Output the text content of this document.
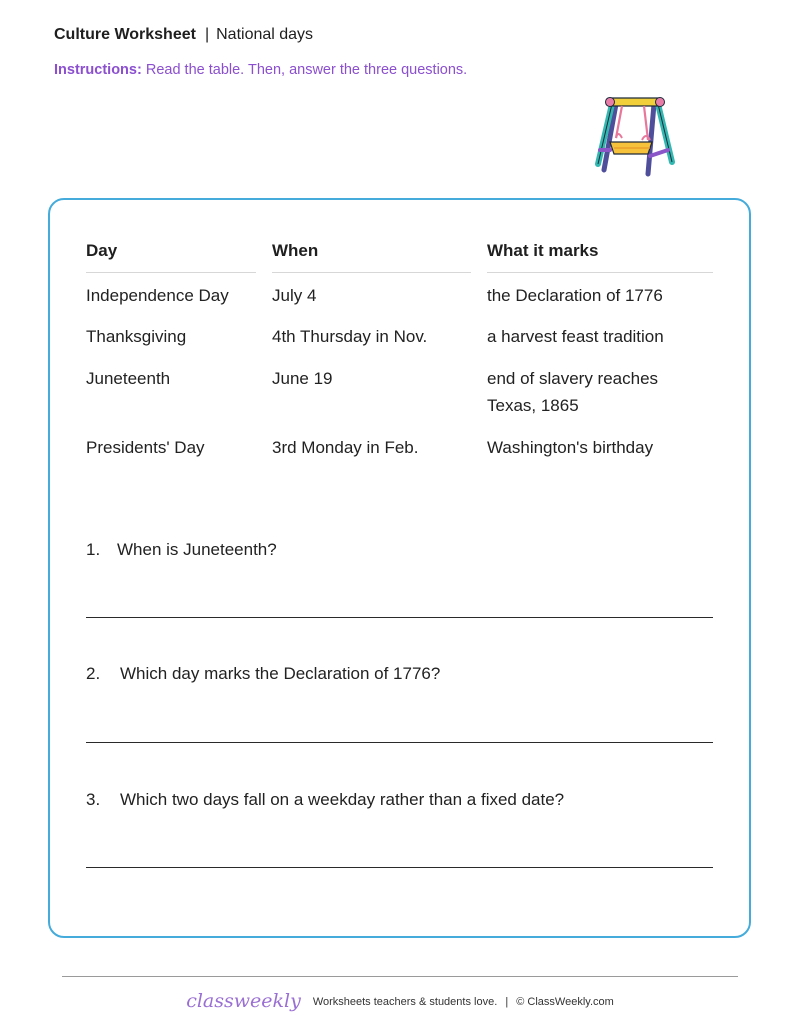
Culture Worksheet | National days
Instructions: Read the table. Then, answer the three questions.
Day	When	What it marks
Independence Day	July 4	the Declaration of 1776
Thanksgiving	4th Thursday in Nov.	a harvest feast tradition
Juneteenth	June 19	end of slavery reaches Texas, 1865
Presidents' Day	3rd Monday in Feb.	Washington's birthday
1. When is Juneteenth?
2. Which day marks the Declaration of 1776?
3. Which two days fall on a weekday rather than a fixed date?
classweekly Worksheets teachers & students love. | © ClassWeekly.com
